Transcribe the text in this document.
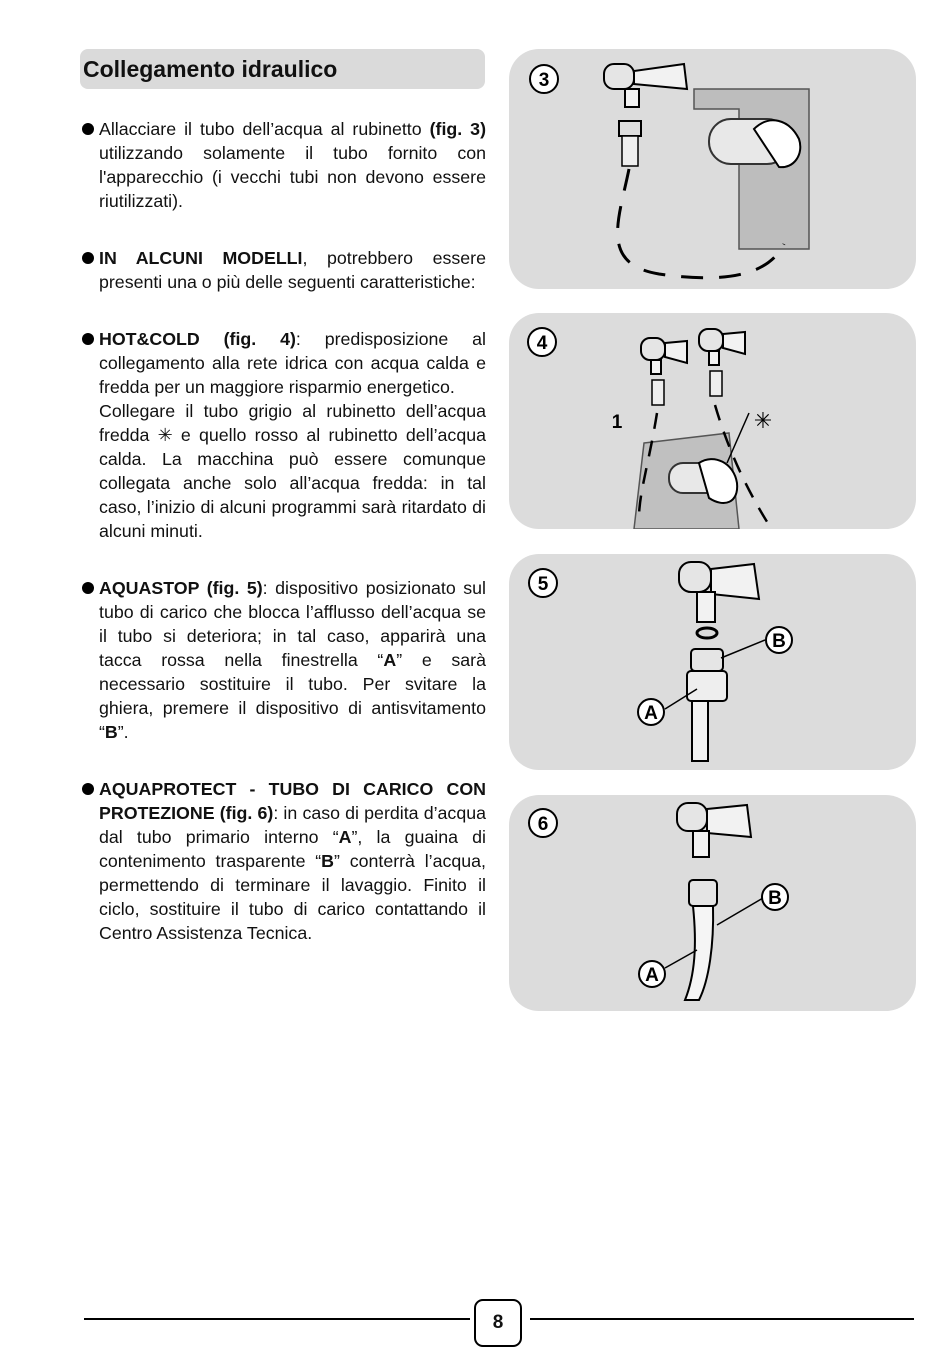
Collegamento idraulico
Allacciare il tubo dell’acqua al rubinetto (fig. 3) utilizzando solamente il tubo fornito con l'apparecchio (i vecchi tubi non devono essere riutilizzati).
IN ALCUNI MODELLI, potrebbero essere presenti una o più delle seguenti caratteristiche:
HOT&COLD (fig. 4): predisposizione al collegamento alla rete idrica con acqua calda e fredda per un maggiore risparmio energetico.
Collegare il tubo grigio al rubinetto dell’acqua fredda ✳ e quello rosso al rubinetto dell’acqua calda. La macchina può essere comunque collegata anche solo all’acqua fredda: in tal caso, l’inizio di alcuni programmi sarà ritardato di alcuni minuti.
AQUASTOP (fig. 5): dispositivo posizionato sul tubo di carico che blocca l’afflusso dell’acqua se il tubo si deteriora; in tal caso, apparirà una tacca rossa nella finestrella “A” e sarà necessario sostituire il tubo. Per svitare la ghiera, premere il dispositivo di antisvitamento “B”.
AQUAPROTECT - TUBO DI CARICO CON PROTEZIONE (fig. 6): in caso di perdita d’acqua dal tubo primario interno “A”, la guaina di contenimento trasparente “B” conterrà l’acqua, permettendo di terminare il lavaggio. Finito il ciclo, sostituire il tubo di carico contattando il Centro Assistenza Tecnica.
3
4
1	✳
5
B
A
6
B
A
8
